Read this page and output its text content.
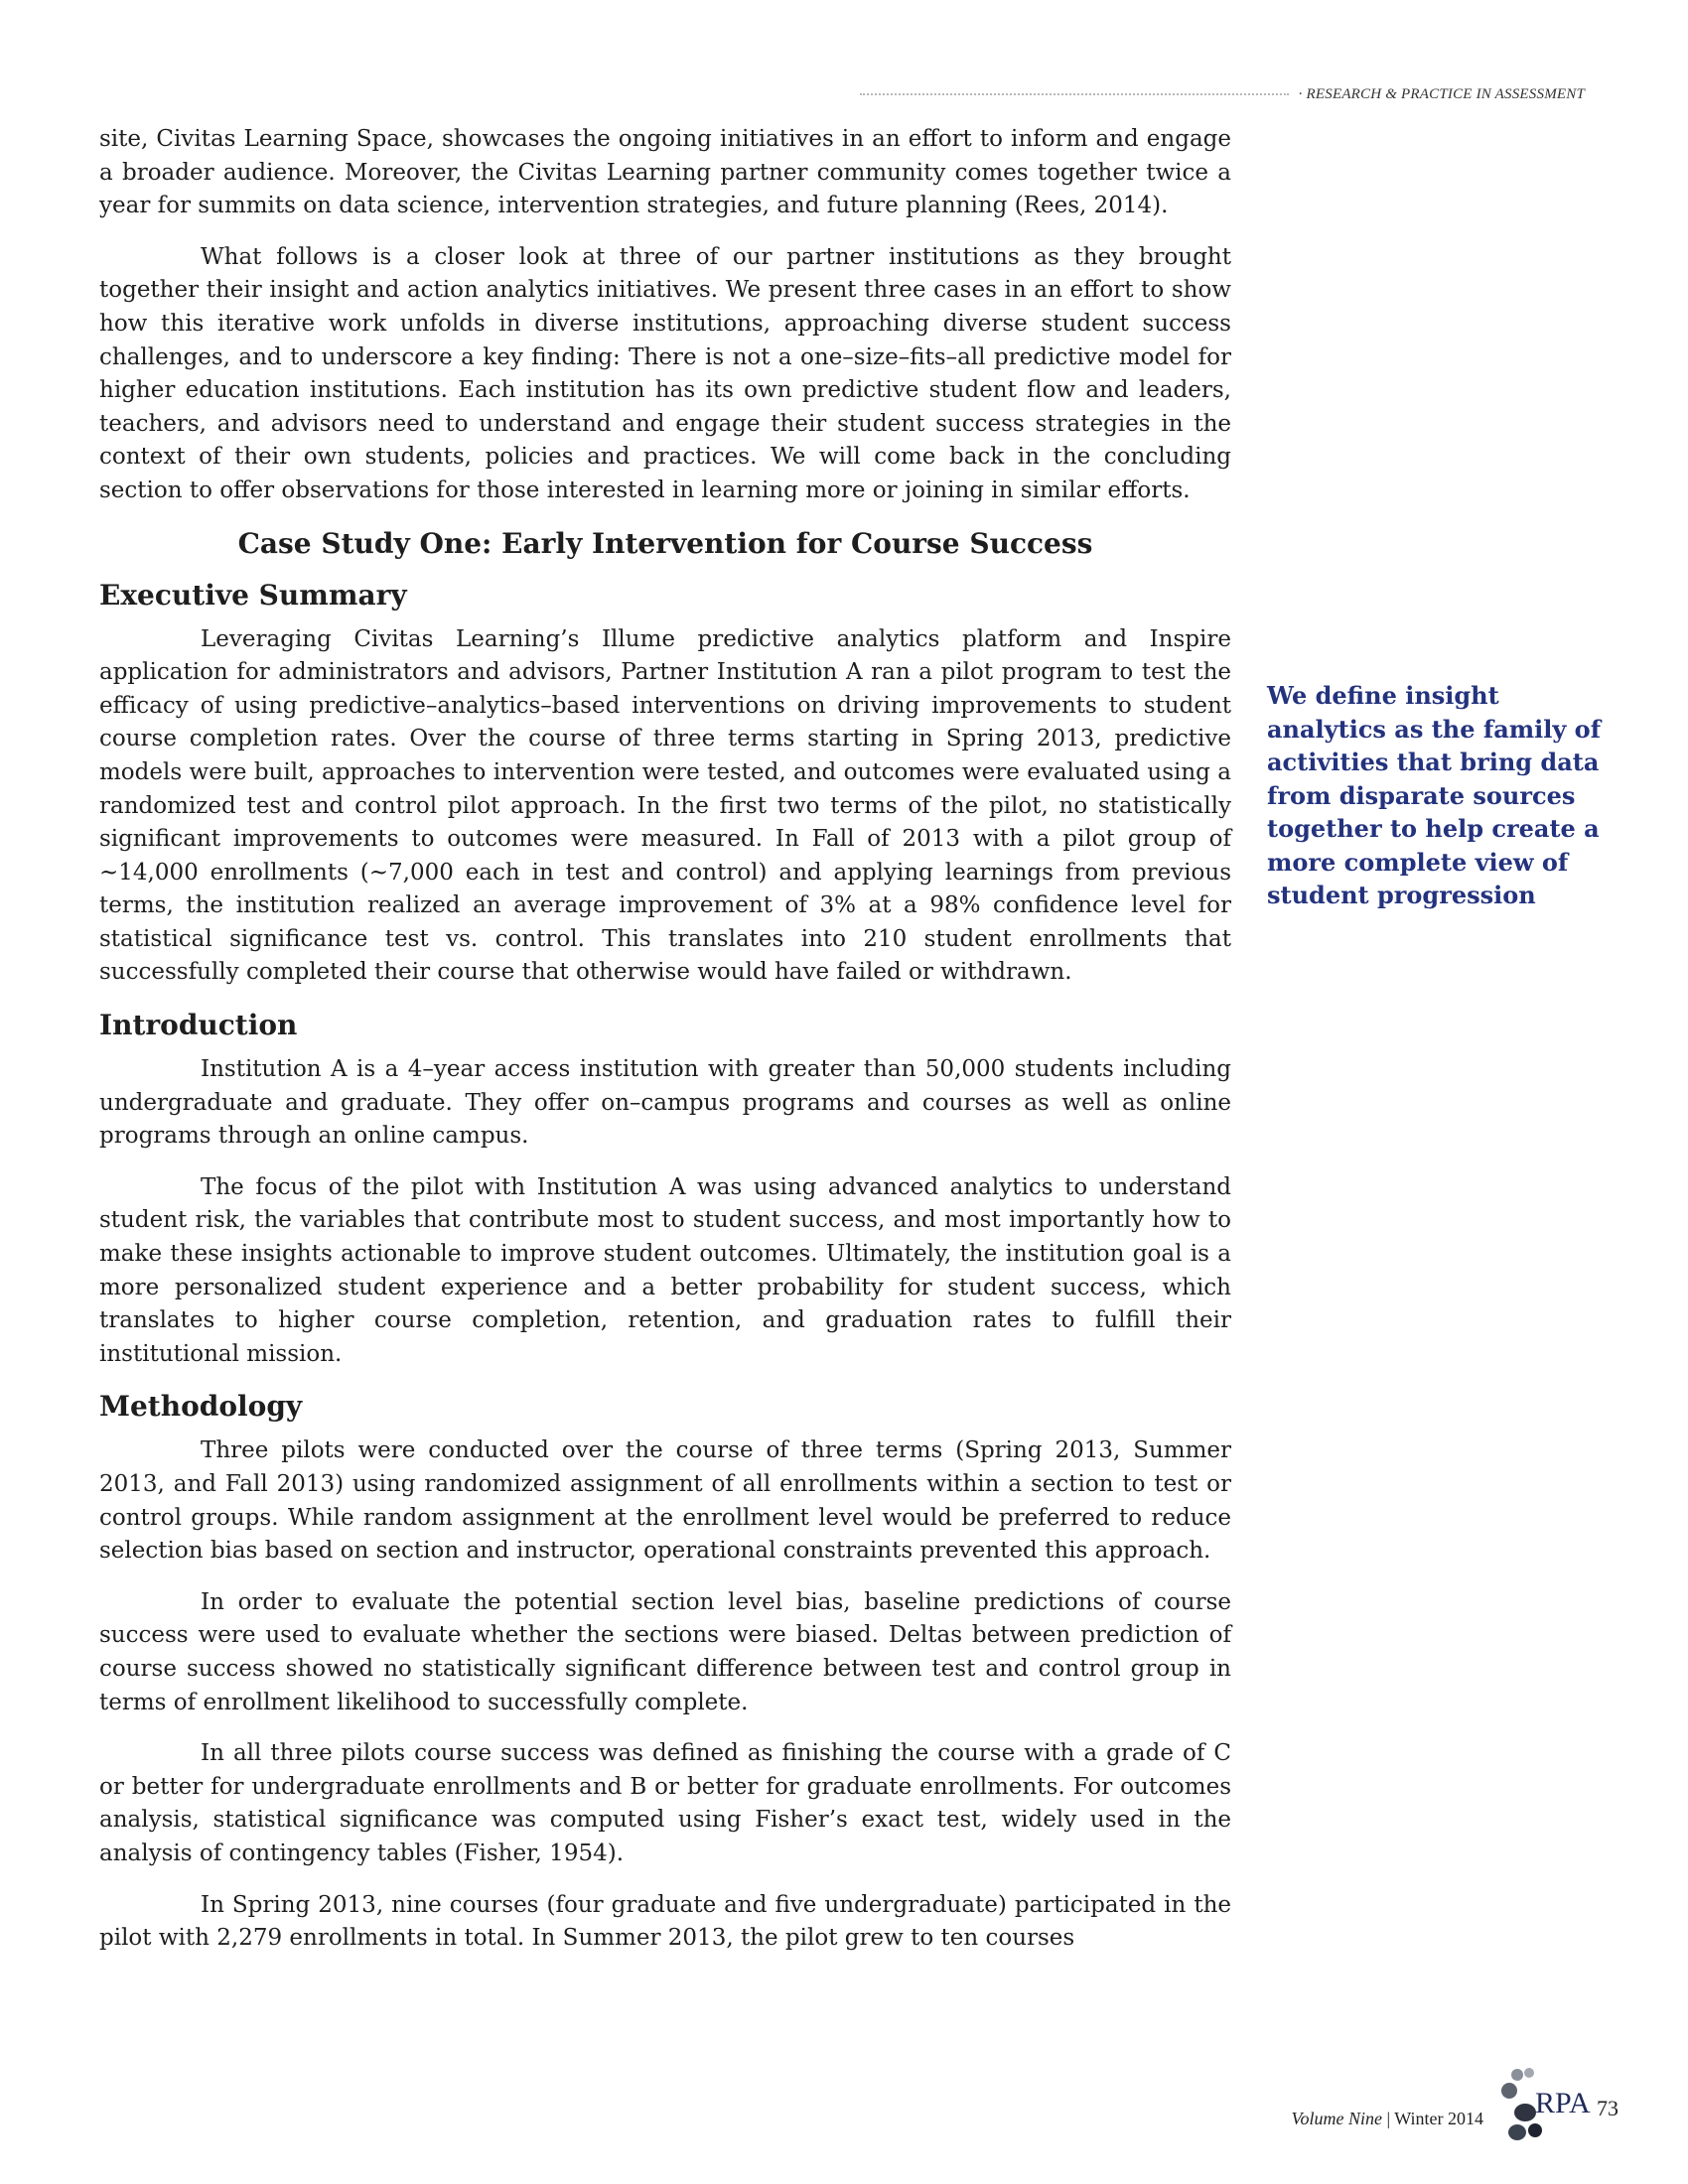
· RESEARCH & PRACTICE IN ASSESSMENT

site, Civitas Learning Space, showcases the ongoing initiatives in an effort to inform and engage a broader audience. Moreover, the Civitas Learning partner community comes together twice a year for summits on data science, intervention strategies, and future planning (Rees, 2014).

What follows is a closer look at three of our partner institutions as they brought together their insight and action analytics initiatives. We present three cases in an effort to show how this iterative work unfolds in diverse institutions, approaching diverse student success challenges, and to underscore a key finding: There is not a one–size–fits–all predictive model for higher education institutions. Each institution has its own predictive student flow and leaders, teachers, and advisors need to understand and engage their student success strategies in the context of their own students, policies and practices. We will come back in the concluding section to offer observations for those interested in learning more or joining in similar efforts.

Case Study One: Early Intervention for Course Success
Executive Summary

Leveraging Civitas Learning’s Illume predictive analytics platform and Inspire application for administrators and advisors, Partner Institution A ran a pilot program to test the efficacy of using predictive–analytics–based interventions on driving improvements to student course completion rates. Over the course of three terms starting in Spring 2013, predictive models were built, approaches to intervention were tested, and outcomes were evaluated using a randomized test and control pilot approach. In the first two terms of the pilot, no statistically significant improvements to outcomes were measured. In Fall of 2013 with a pilot group of ~14,000 enrollments (~7,000 each in test and control) and applying learnings from previous terms, the institution realized an average improvement of 3% at a 98% confidence level for statistical significance test vs. control. This translates into 210 student enrollments that successfully completed their course that otherwise would have failed or withdrawn.

Introduction

Institution A is a 4–year access institution with greater than 50,000 students including undergraduate and graduate. They offer on–campus programs and courses as well as online programs through an online campus.

The focus of the pilot with Institution A was using advanced analytics to understand student risk, the variables that contribute most to student success, and most importantly how to make these insights actionable to improve student outcomes. Ultimately, the institution goal is a more personalized student experience and a better probability for student success, which translates to higher course completion, retention, and graduation rates to fulfill their institutional mission.

Methodology

Three pilots were conducted over the course of three terms (Spring 2013, Summer 2013, and Fall 2013) using randomized assignment of all enrollments within a section to test or control groups. While random assignment at the enrollment level would be preferred to reduce selection bias based on section and instructor, operational constraints prevented this approach.

In order to evaluate the potential section level bias, baseline predictions of course success were used to evaluate whether the sections were biased. Deltas between prediction of course success showed no statistically significant difference between test and control group in terms of enrollment likelihood to successfully complete.

In all three pilots course success was defined as finishing the course with a grade of C or better for undergraduate enrollments and B or better for graduate enrollments. For outcomes analysis, statistical significance was computed using Fisher’s exact test, widely used in the analysis of contingency tables (Fisher, 1954).

In Spring 2013, nine courses (four graduate and five undergraduate) participated in the pilot with 2,279 enrollments in total. In Summer 2013, the pilot grew to ten courses

We define insight analytics as the family of activities that bring data from disparate sources together to help create a more complete view of student progression
Volume Nine | Winter 2014 RPA 73
